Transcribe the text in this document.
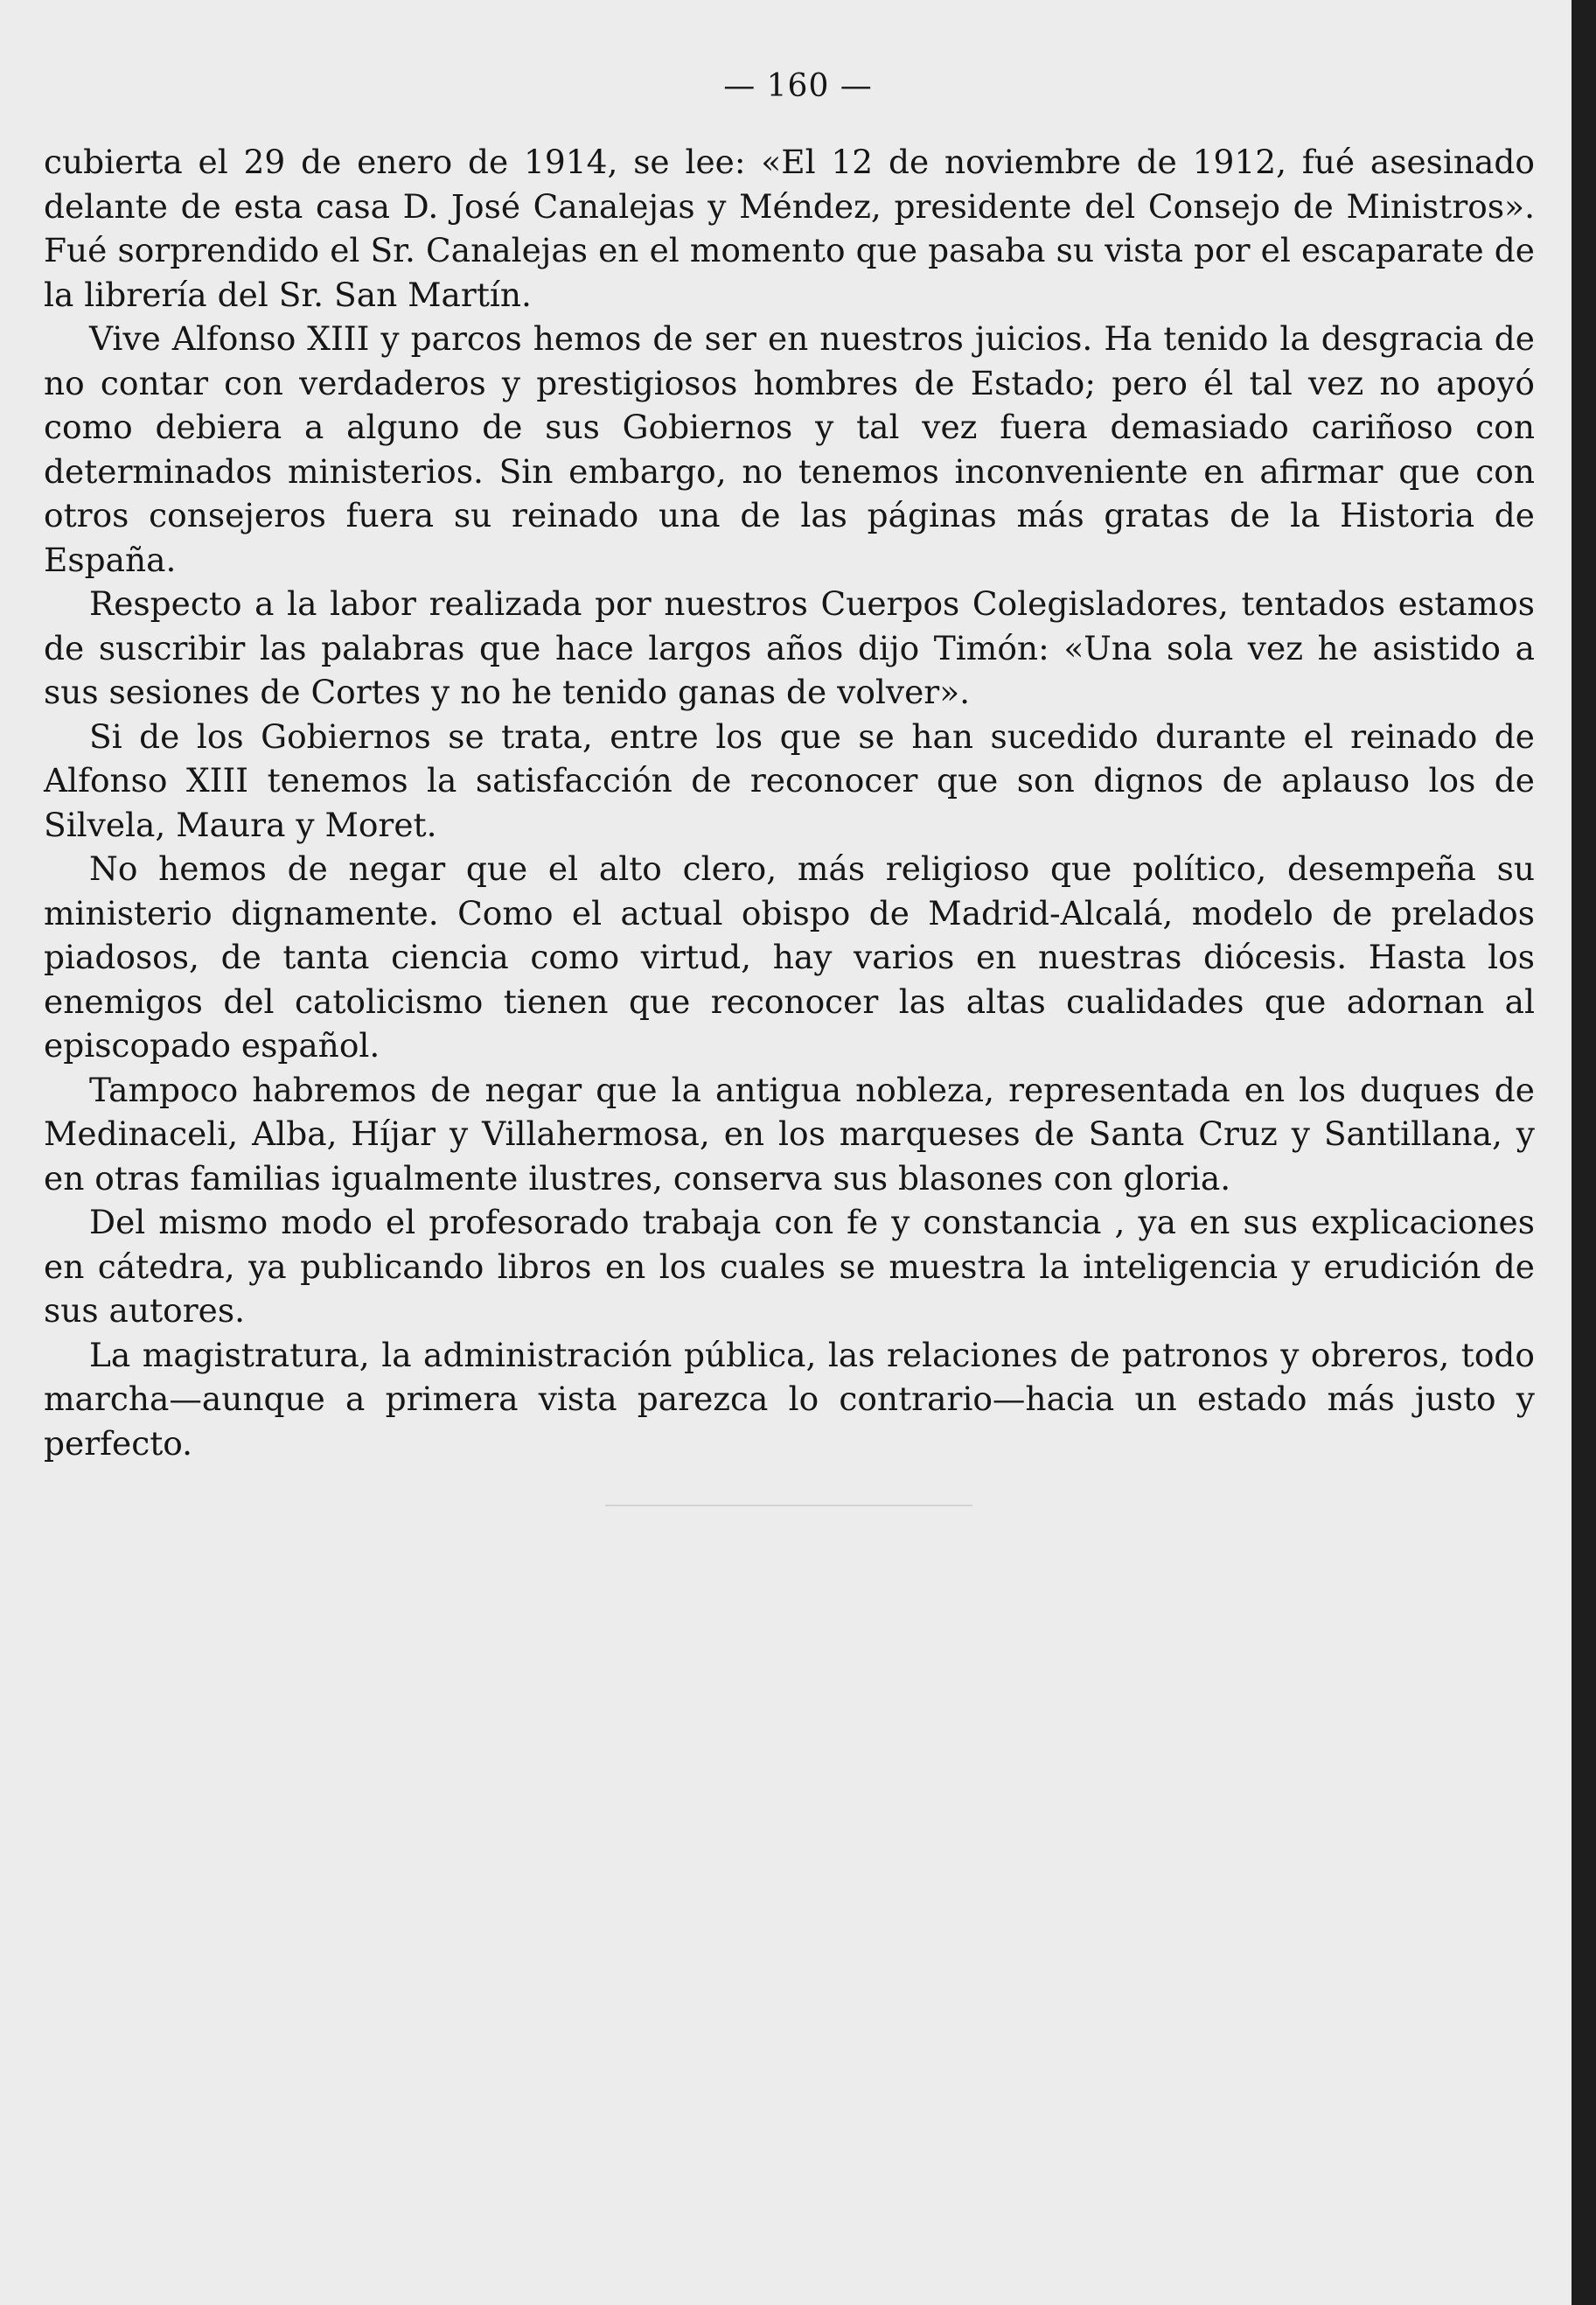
— 160 —

cubierta el 29 de enero de 1914, se lee: «El 12 de noviembre de 1912, fué asesinado delante de esta casa D. José Canalejas y Méndez, presidente del Consejo de Ministros». Fué sorprendido el Sr. Canalejas en el momento que pasaba su vista por el escaparate de la librería del Sr. San Martín.

Vive Alfonso XIII y parcos hemos de ser en nuestros juicios. Ha tenido la desgracia de no contar con verdaderos y prestigiosos hombres de Estado; pero él tal vez no apoyó como debiera a alguno de sus Gobiernos y tal vez fuera demasiado cariñoso con determinados ministerios. Sin embargo, no tenemos inconveniente en afirmar que con otros consejeros fuera su reinado una de las páginas más gratas de la Historia de España.

Respecto a la labor realizada por nuestros Cuerpos Colegisladores, tentados estamos de suscribir las palabras que hace largos años dijo Timón: «Una sola vez he asistido a sus sesiones de Cortes y no he tenido ganas de volver».

Si de los Gobiernos se trata, entre los que se han sucedido durante el reinado de Alfonso XIII tenemos la satisfacción de reconocer que son dignos de aplauso los de Silvela, Maura y Moret.

No hemos de negar que el alto clero, más religioso que político, desempeña su ministerio dignamente. Como el actual obispo de Madrid-Alcalá, modelo de prelados piadosos, de tanta ciencia como virtud, hay varios en nuestras diócesis. Hasta los enemigos del catolicismo tienen que reconocer las altas cualidades que adornan al episcopado español.

Tampoco habremos de negar que la antigua nobleza, representada en los duques de Medinaceli, Alba, Híjar y Villahermosa, en los marqueses de Santa Cruz y Santillana, y en otras familias igualmente ilustres, conserva sus blasones con gloria.

Del mismo modo el profesorado trabaja con fe y constancia , ya en sus explicaciones en cátedra, ya publicando libros en los cuales se muestra la inteligencia y erudición de sus autores.

La magistratura, la administración pública, las relaciones de patronos y obreros, todo marcha—aunque a primera vista parezca lo contrario—hacia un estado más justo y perfecto.
